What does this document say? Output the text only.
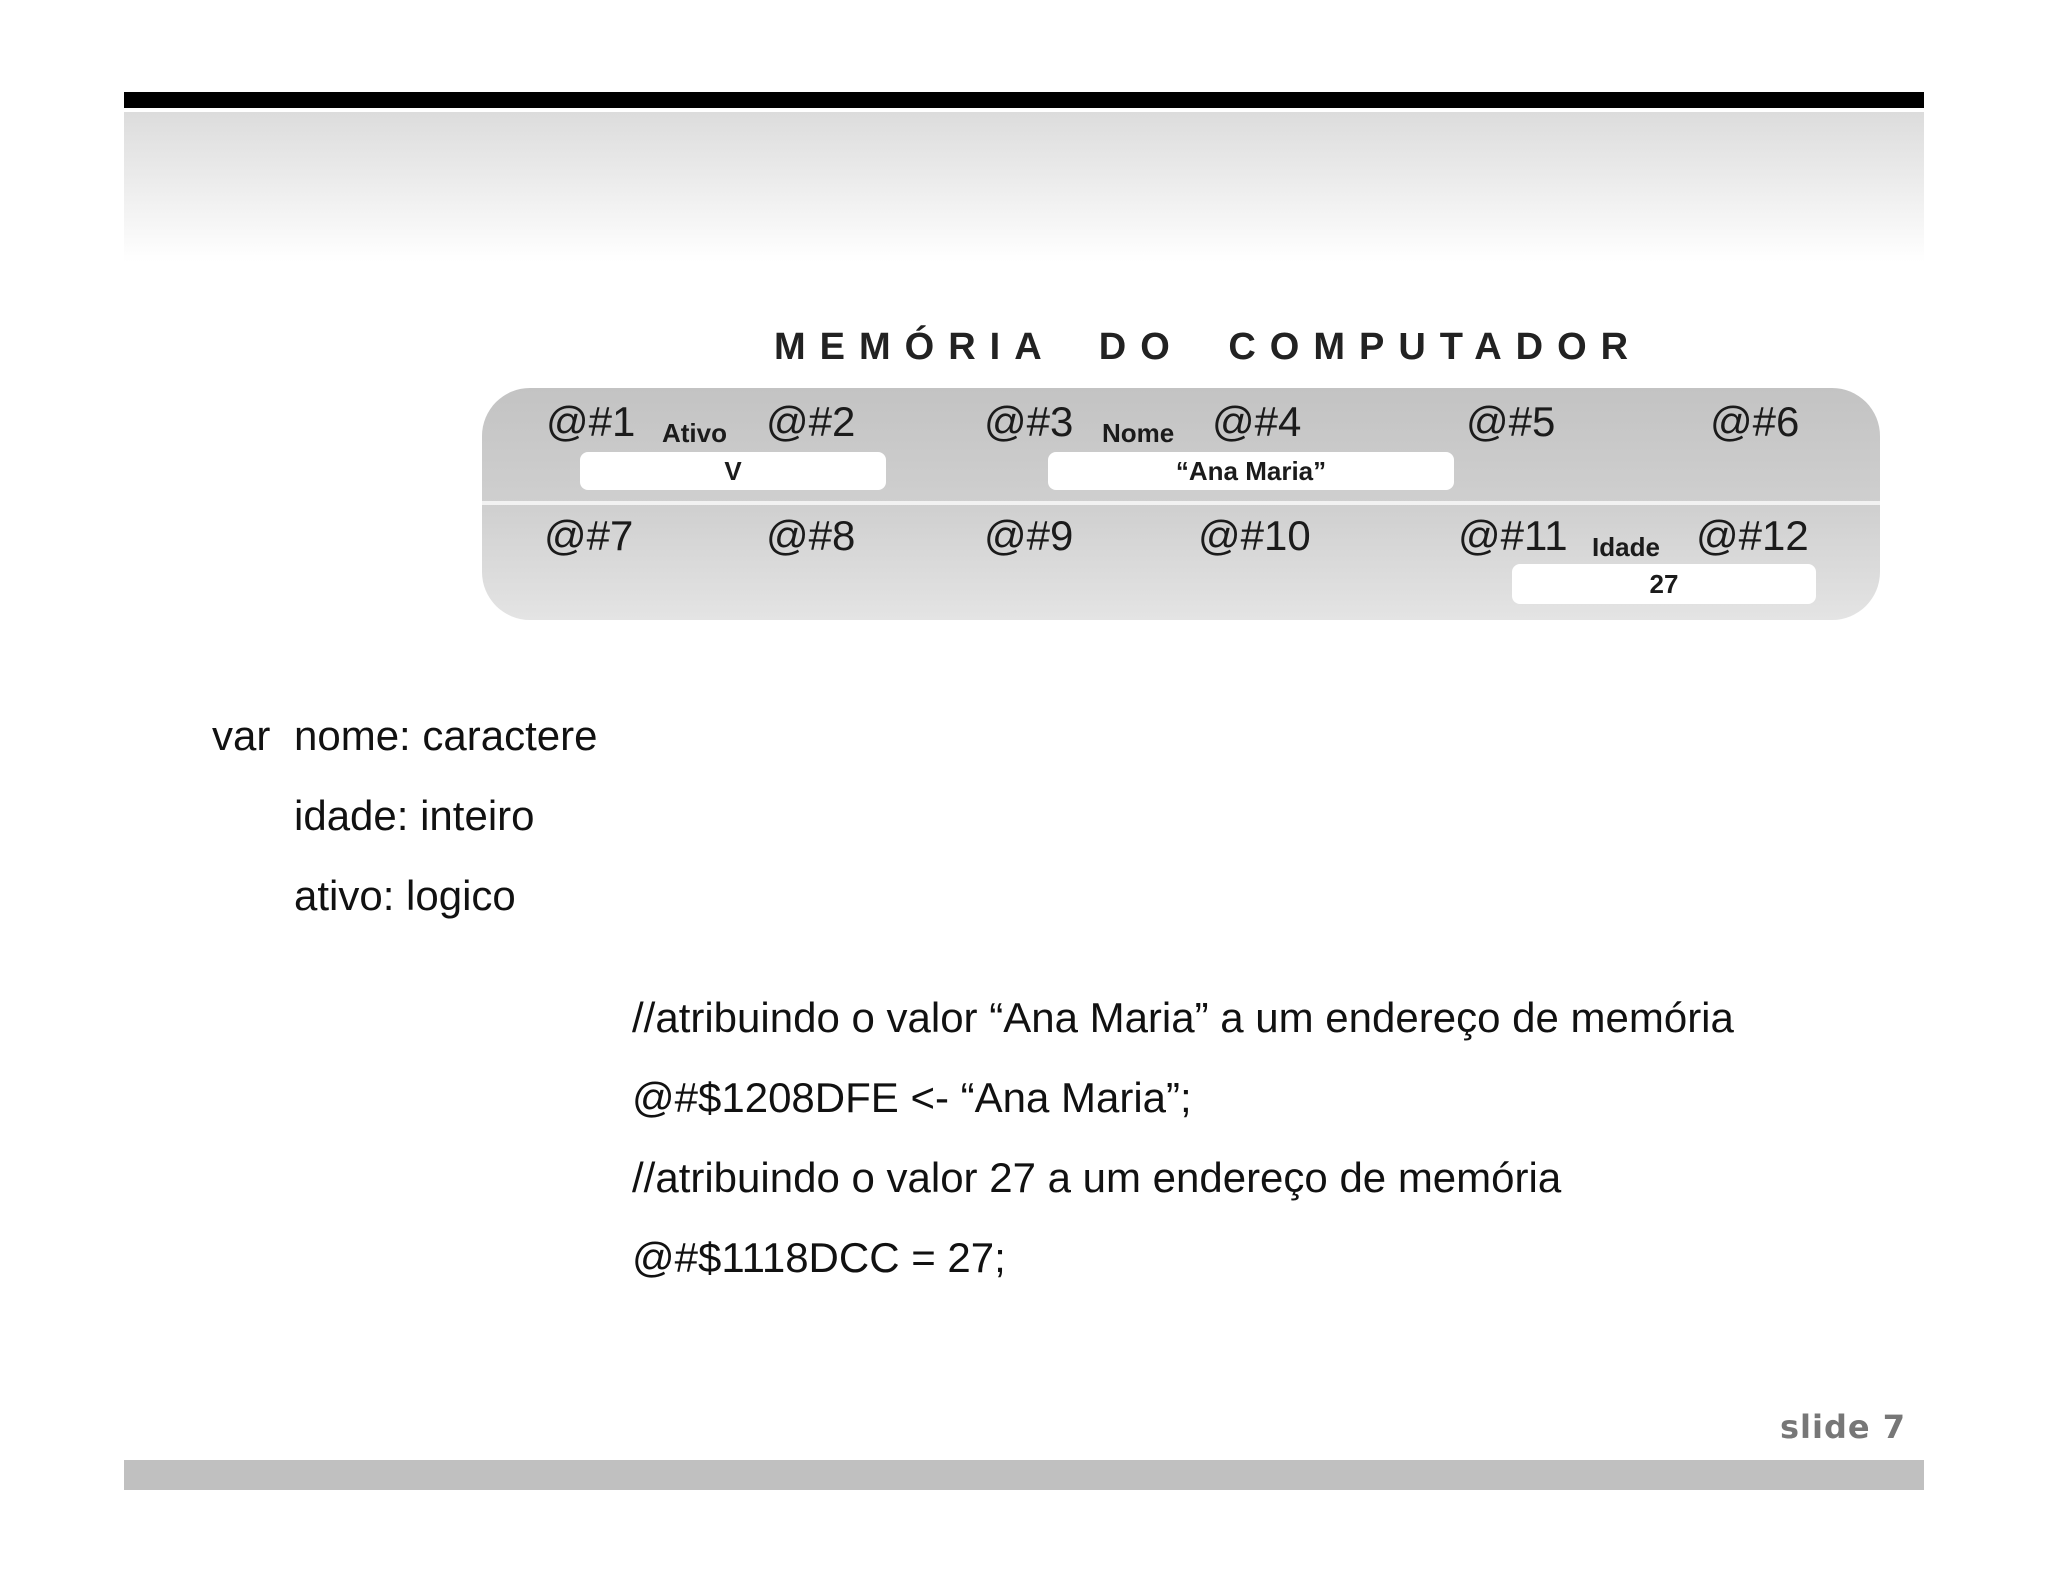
MEMÓRIA DO COMPUTADOR
@#1 Ativo @#2	@#3 Nome @#4	@#5	@#6
V	“Ana Maria”
@#7	@#8	@#9	@#10	@#11 Idade @#12
27
var nome: caractere
idade: inteiro
ativo: logico
//atribuindo o valor “Ana Maria” a um endereço de memória
@#$1208DFE <- “Ana Maria”;
//atribuindo o valor 27 a um endereço de memória
@#$1118DCC = 27;
slide 7
